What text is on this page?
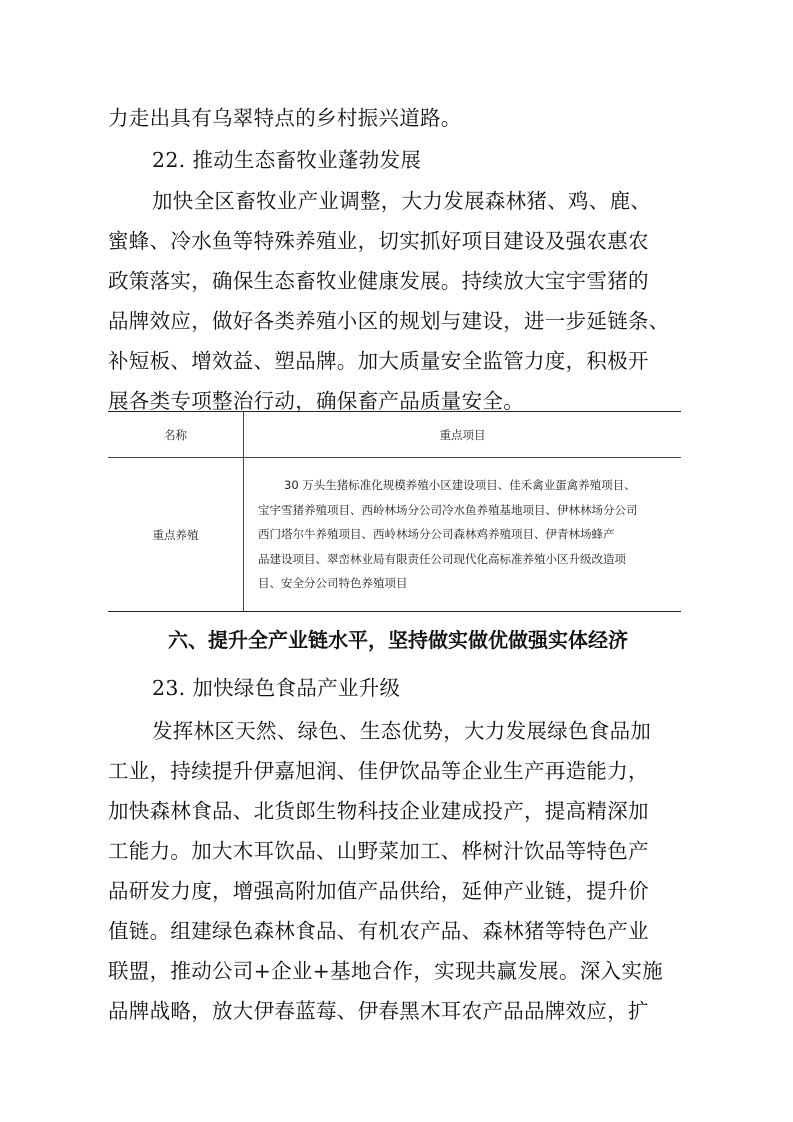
力走出具有乌翠特点的乡村振兴道路。
22. 推动生态畜牧业蓬勃发展
加快全区畜牧业产业调整，大力发展森林猪、鸡、鹿、
蜜蜂、冷水鱼等特殊养殖业，切实抓好项目建设及强农惠农
政策落实，确保生态畜牧业健康发展。持续放大宝宇雪猪的
品牌效应，做好各类养殖小区的规划与建设，进一步延链条、
补短板、增效益、塑品牌。加大质量安全监管力度，积极开
展各类专项整治行动，确保畜产品质量安全。
名称	重点项目
重点养殖	30 万头生猪标准化规模养殖小区建设项目、佳禾禽业蛋禽养殖项目、
宝宇雪猪养殖项目、西岭林场分公司冷水鱼养殖基地项目、伊林林场分公司
西门塔尔牛养殖项目、西岭林场分公司森林鸡养殖项目、伊青林场蜂产
品建设项目、翠峦林业局有限责任公司现代化高标准养殖小区升级改造项
目、安全分公司特色养殖项目
六、提升全产业链水平，坚持做实做优做强实体经济
23. 加快绿色食品产业升级
发挥林区天然、绿色、生态优势，大力发展绿色食品加
工业，持续提升伊嘉旭润、佳伊饮品等企业生产再造能力，
加快森林食品、北货郎生物科技企业建成投产，提高精深加
工能力。加大木耳饮品、山野菜加工、桦树汁饮品等特色产
品研发力度，增强高附加值产品供给，延伸产业链，提升价
值链。组建绿色森林食品、有机农产品、森林猪等特色产业
联盟，推动公司+企业+基地合作，实现共赢发展。深入实施
品牌战略，放大伊春蓝莓、伊春黑木耳农产品品牌效应，扩
